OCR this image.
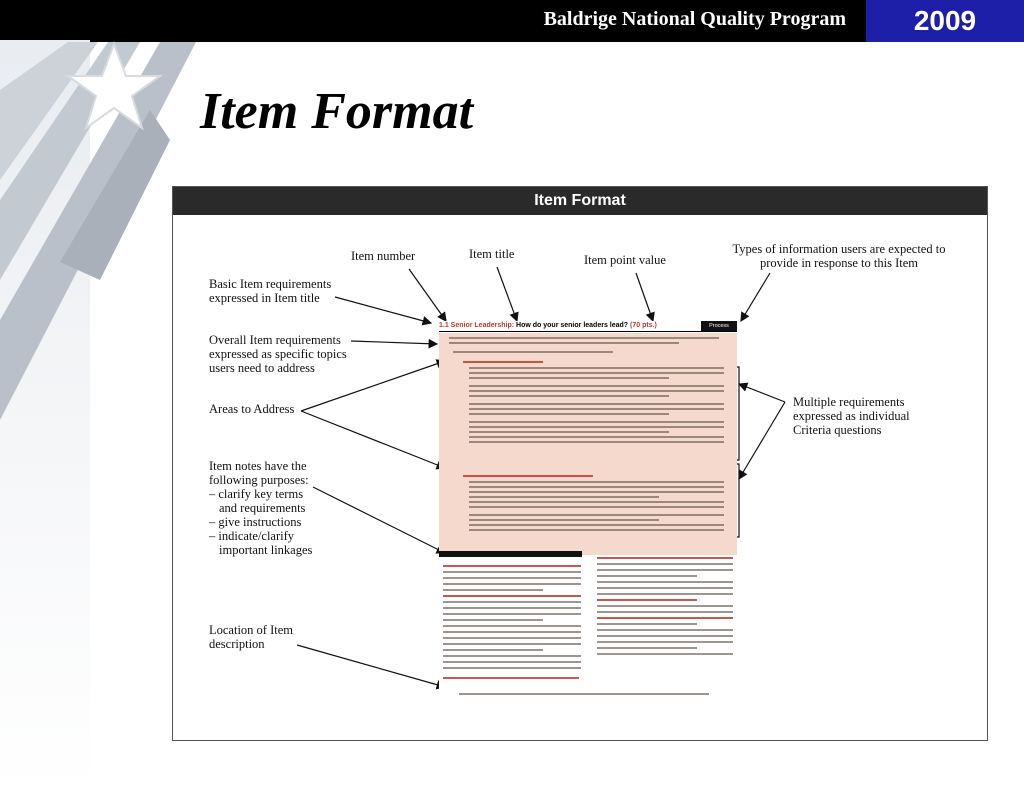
Baldrige National Quality Program	2009
Item Format
Item Format
Item number	Item title	Item point value
Types of information users are expected to
provide in response to this Item
Basic Item requirements
expressed in Item title
Overall Item requirements
expressed as specific topics
users need to address
Areas to Address	Multiple requirements
expressed as individual
Criteria questions
Item notes have the
following purposes:
– clarify key terms
and requirements
– give instructions
– indicate/clarify
important linkages
Location of Item
description
1.1 Senior Leadership: How do your senior leaders lead? (70 pts.)	Process
